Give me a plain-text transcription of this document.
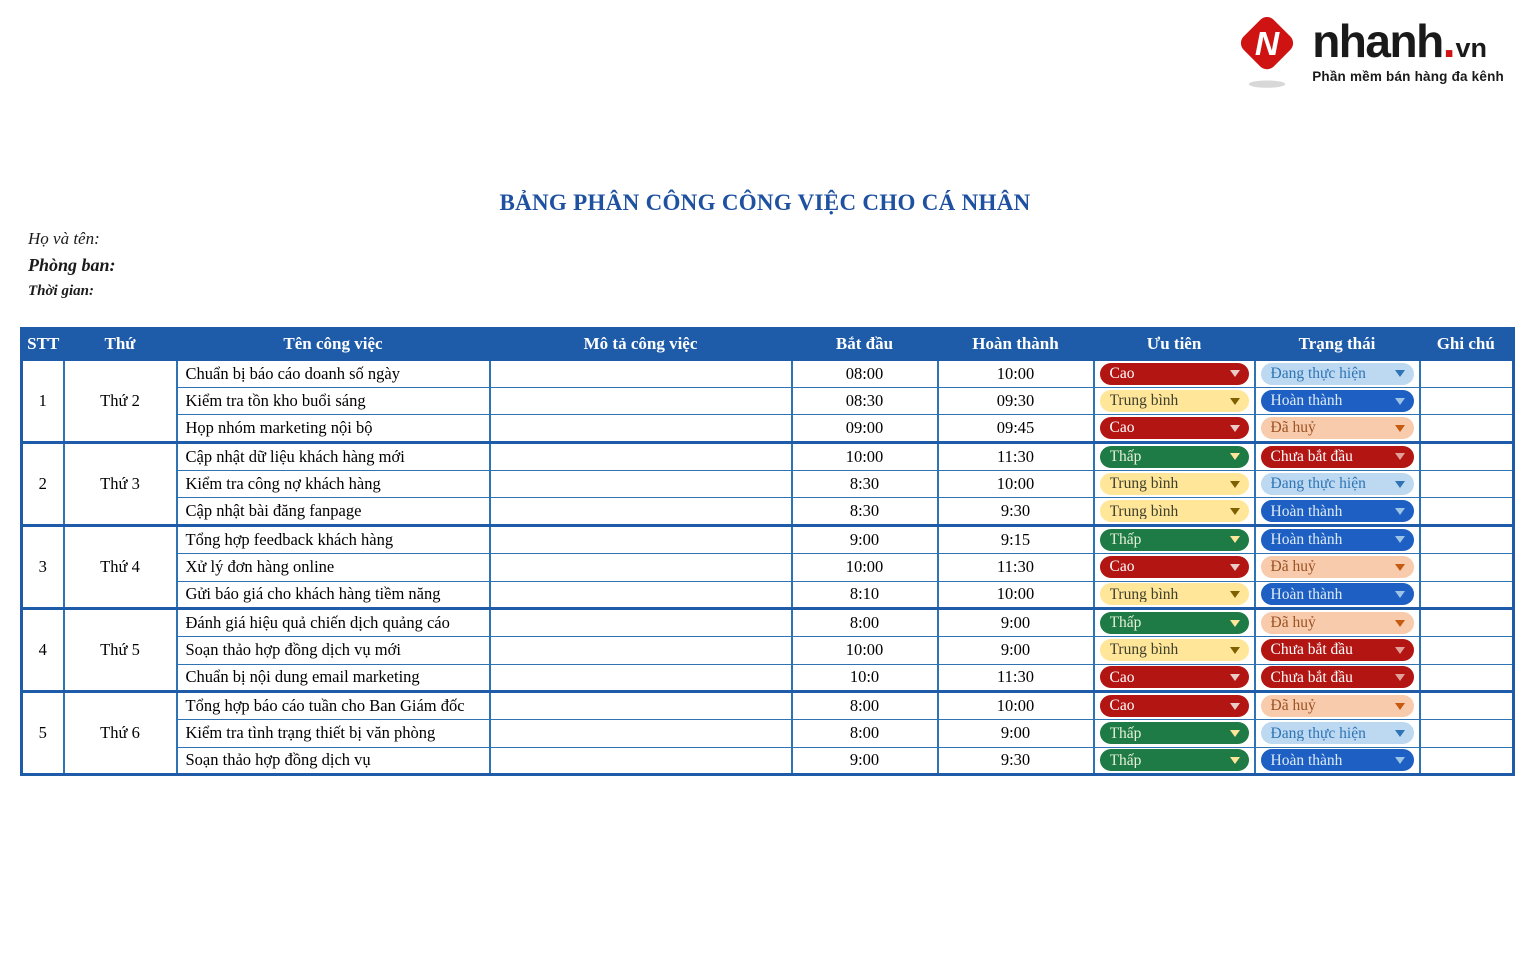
N nhanh . vn
Phần mềm bán hàng đa kênh
BẢNG PHÂN CÔNG CÔNG VIỆC CHO CÁ NHÂN
Họ và tên:
Phòng ban:
Thời gian:
STT	Thứ	Tên công việc	Mô tả công việc	Bắt đầu	Hoàn thành	Ưu tiên	Trạng thái	Ghi chú
1	Thứ 2	Chuẩn bị báo cáo doanh số ngày		08:00	10:00	Cao	Đang thực hiện	

		Kiểm tra tồn kho buổi sáng		08:30	09:30	Trung bình	Hoàn thành	

		Họp nhóm marketing nội bộ		09:00	09:45	Cao	Đã huỷ	

2	Thứ 3	Cập nhật dữ liệu khách hàng mới		10:00	11:30	Thấp	Chưa bắt đầu	

		Kiểm tra công nợ khách hàng		8:30	10:00	Trung bình	Đang thực hiện	

		Cập nhật bài đăng fanpage		8:30	9:30	Trung bình	Hoàn thành	

3	Thứ 4	Tổng hợp feedback khách hàng		9:00	9:15	Thấp	Hoàn thành	

		Xử lý đơn hàng online		10:00	11:30	Cao	Đã huỷ	

		Gửi báo giá cho khách hàng tiềm năng		8:10	10:00	Trung bình	Hoàn thành	

4	Thứ 5	Đánh giá hiệu quả chiến dịch quảng cáo		8:00	9:00	Thấp	Đã huỷ	

		Soạn thảo hợp đồng dịch vụ mới		10:00	9:00	Trung bình	Chưa bắt đầu	

		Chuẩn bị nội dung email marketing		10:0	11:30	Cao	Chưa bắt đầu	

5	Thứ 6	Tổng hợp báo cáo tuần cho Ban Giám đốc		8:00	10:00	Cao	Đã huỷ	

		Kiểm tra tình trạng thiết bị văn phòng		8:00	9:00	Thấp	Đang thực hiện	

		Soạn thảo hợp đồng dịch vụ		9:00	9:30	Thấp	Hoàn thành	
